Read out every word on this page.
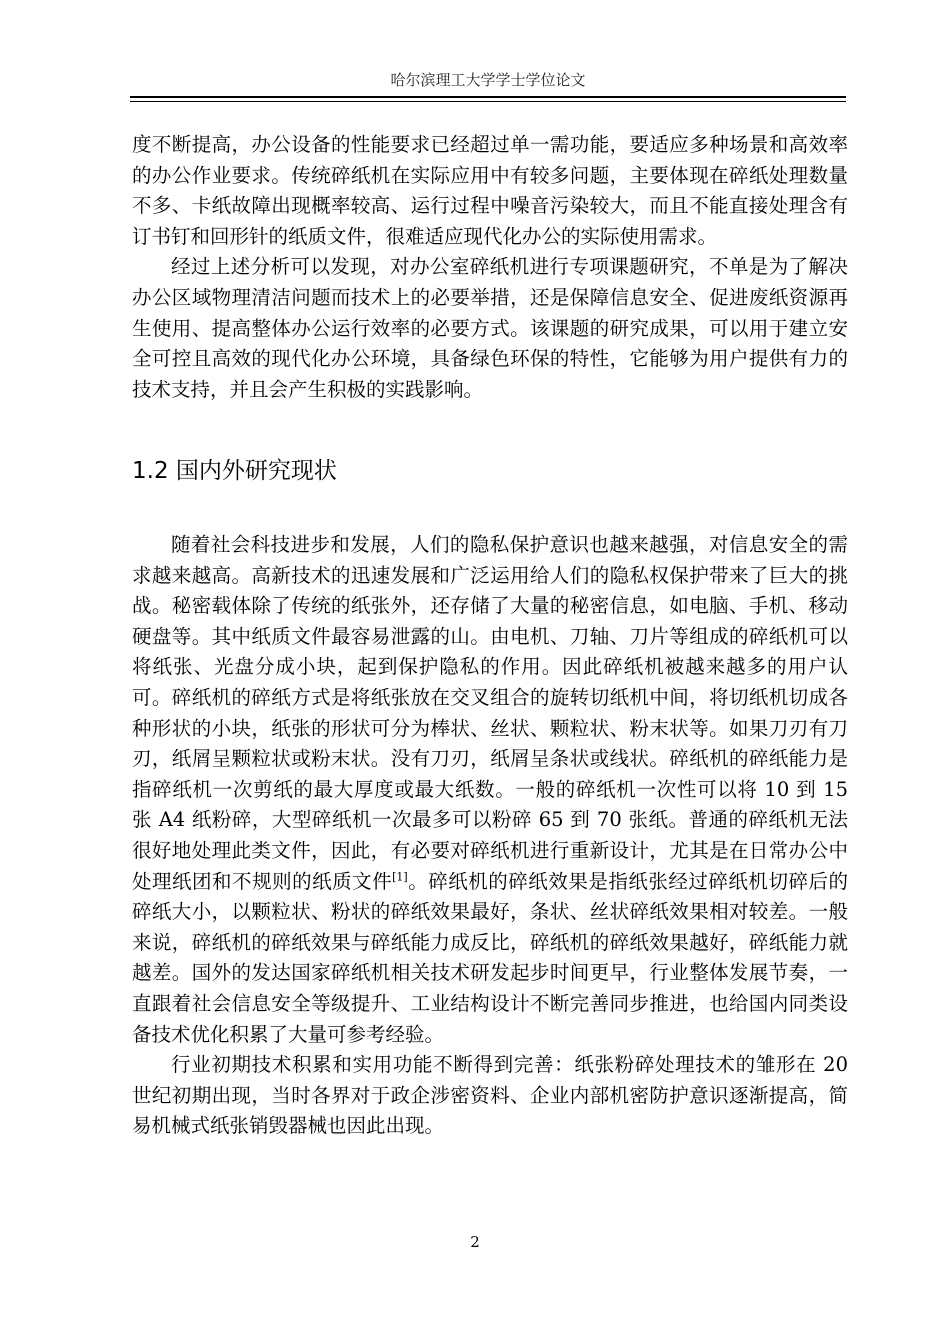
哈尔滨理工大学学士学位论文

度不断提高，办公设备的性能要求已经超过单一需功能，要适应多种场景和高效率的办公作业要求。传统碎纸机在实际应用中有较多问题，主要体现在碎纸处理数量不多、卡纸故障出现概率较高、运行过程中噪音污染较大，而且不能直接处理含有订书钉和回形针的纸质文件，很难适应现代化办公的实际使用需求。

经过上述分析可以发现，对办公室碎纸机进行专项课题研究，不单是为了解决办公区域物理清洁问题而技术上的必要举措，还是保障信息安全、促进废纸资源再生使用、提高整体办公运行效率的必要方式。该课题的研究成果，可以用于建立安全可控且高效的现代化办公环境，具备绿色环保的特性，它能够为用户提供有力的技术支持，并且会产生积极的实践影响。

1.2 国内外研究现状

随着社会科技进步和发展，人们的隐私保护意识也越来越强，对信息安全的需求越来越高。高新技术的迅速发展和广泛运用给人们的隐私权保护带来了巨大的挑战。秘密载体除了传统的纸张外，还存储了大量的秘密信息，如电脑、手机、移动硬盘等。其中纸质文件最容易泄露的山。由电机、刀轴、刀片等组成的碎纸机可以将纸张、光盘分成小块，起到保护隐私的作用。因此碎纸机被越来越多的用户认可。碎纸机的碎纸方式是将纸张放在交叉组合的旋转切纸机中间，将切纸机切成各种形状的小块，纸张的形状可分为棒状、丝状、颗粒状、粉末状等。如果刀刃有刀刃，纸屑呈颗粒状或粉末状。没有刀刃，纸屑呈条状或线状。碎纸机的碎纸能力是指碎纸机一次剪纸的最大厚度或最大纸数。一般的碎纸机一次性可以将 10 到 15 张 A4 纸粉碎，大型碎纸机一次最多可以粉碎 65 到 70 张纸。普通的碎纸机无法很好地处理此类文件，因此，有必要对碎纸机进行重新设计，尤其是在日常办公中处理纸团和不规则的纸质文件[1]。碎纸机的碎纸效果是指纸张经过碎纸机切碎后的碎纸大小，以颗粒状、粉状的碎纸效果最好，条状、丝状碎纸效果相对较差。一般来说，碎纸机的碎纸效果与碎纸能力成反比，碎纸机的碎纸效果越好，碎纸能力就越差。国外的发达国家碎纸机相关技术研发起步时间更早，行业整体发展节奏，一直跟着社会信息安全等级提升、工业结构设计不断完善同步推进，也给国内同类设备技术优化积累了大量可参考经验。

行业初期技术积累和实用功能不断得到完善：纸张粉碎处理技术的雏形在 20 世纪初期出现，当时各界对于政企涉密资料、企业内部机密防护意识逐渐提高，简易机械式纸张销毁器械也因此出现。

2
